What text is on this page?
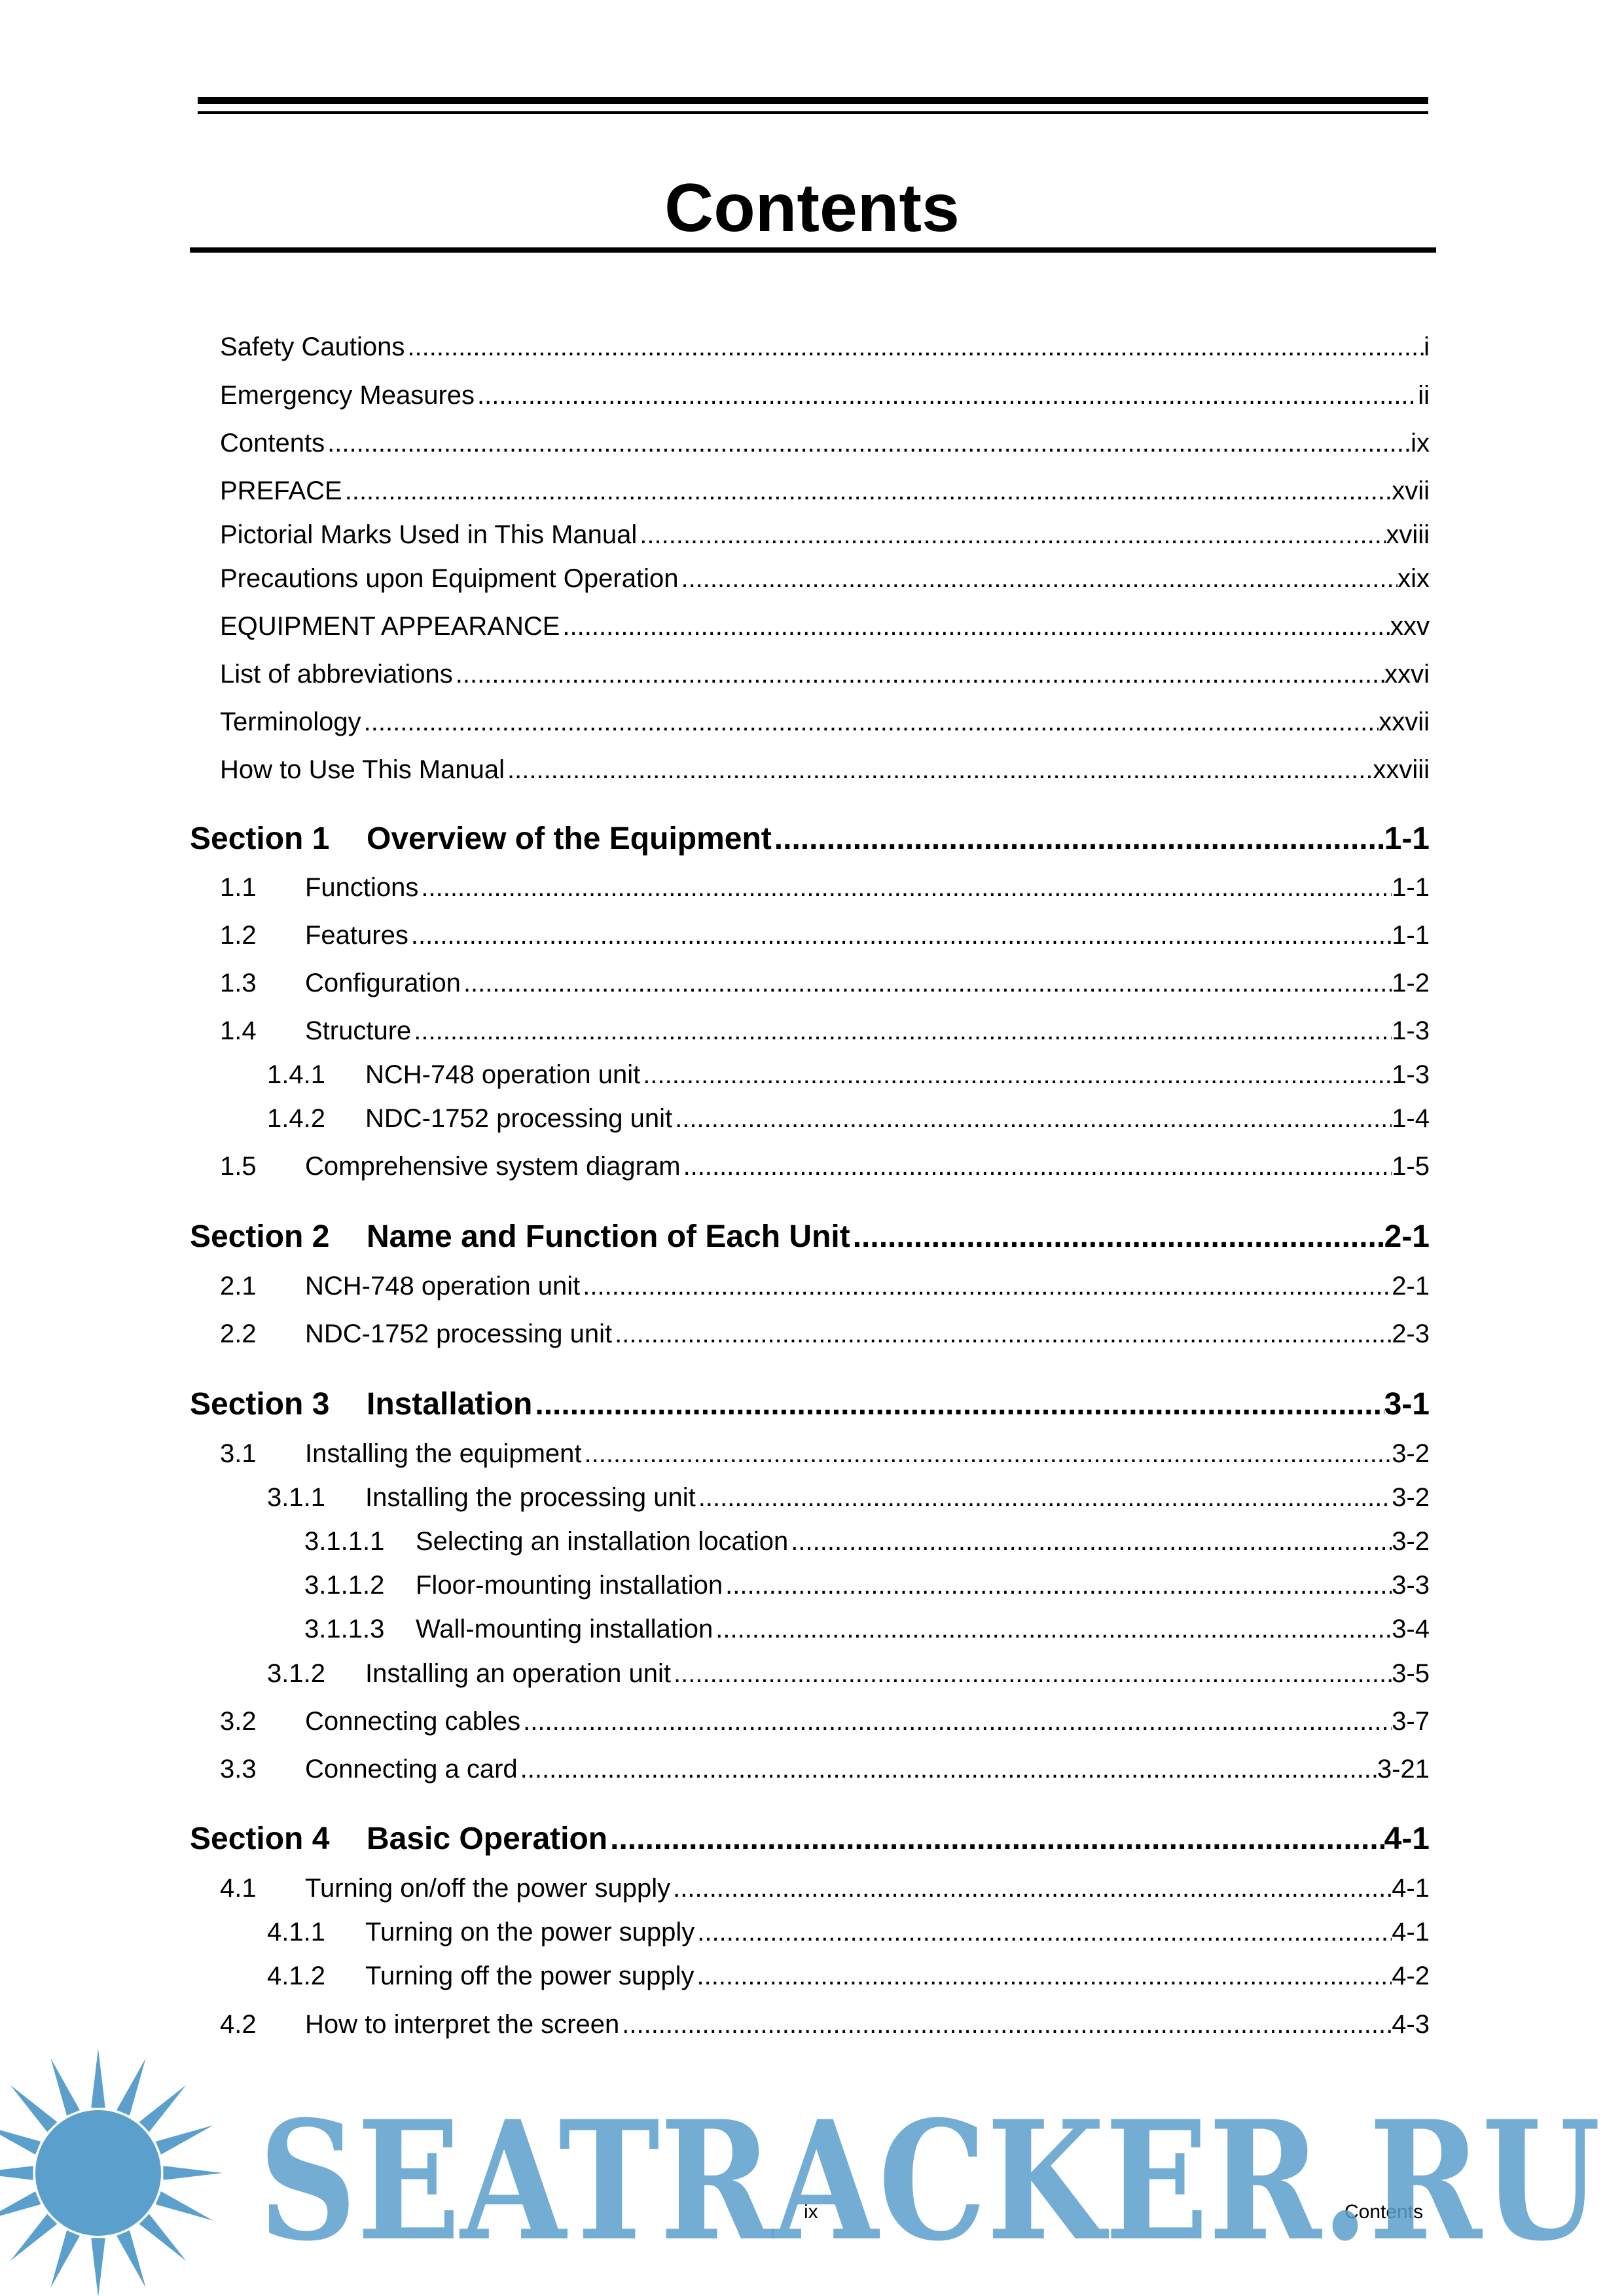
Contents
Safety Cautions .....	i
Emergency Measures .....	ii
Contents .....	ix
PREFACE .....	xvii
Pictorial Marks Used in This Manual .....	xviii
Precautions upon Equipment Operation .....	xix
EQUIPMENT APPEARANCE .....	xxv
List of abbreviations .....	xxvi
Terminology .....	xxvii
How to Use This Manual .....	xxviii
Section 1	Overview of the Equipment .....	1-1
1.1	Functions .....	1-1
1.2	Features .....	1-1
1.3	Configuration .....	1-2
1.4	Structure .....	1-3
1.4.1	NCH-748 operation unit .....	1-3
1.4.2	NDC-1752 processing unit .....	1-4
1.5	Comprehensive system diagram .....	1-5
Section 2	Name and Function of Each Unit .....	2-1
2.1	NCH-748 operation unit .....	2-1
2.2	NDC-1752 processing unit .....	2-3
Section 3	Installation .....	3-1
3.1	Installing the equipment .....	3-2
3.1.1	Installing the processing unit .....	3-2
3.1.1.1	Selecting an installation location .....	3-2
3.1.1.2	Floor-mounting installation .....	3-3
3.1.1.3	Wall-mounting installation .....	3-4
3.1.2	Installing an operation unit .....	3-5
3.2	Connecting cables .....	3-7
3.3	Connecting a card .....	3-21
Section 4	Basic Operation .....	4-1
4.1	Turning on/off the power supply .....	4-1
4.1.1	Turning on the power supply .....	4-1
4.1.2	Turning off the power supply .....	4-2
4.2	How to interpret the screen .....	4-3
ix	Contents
SEATRACKER.RU
